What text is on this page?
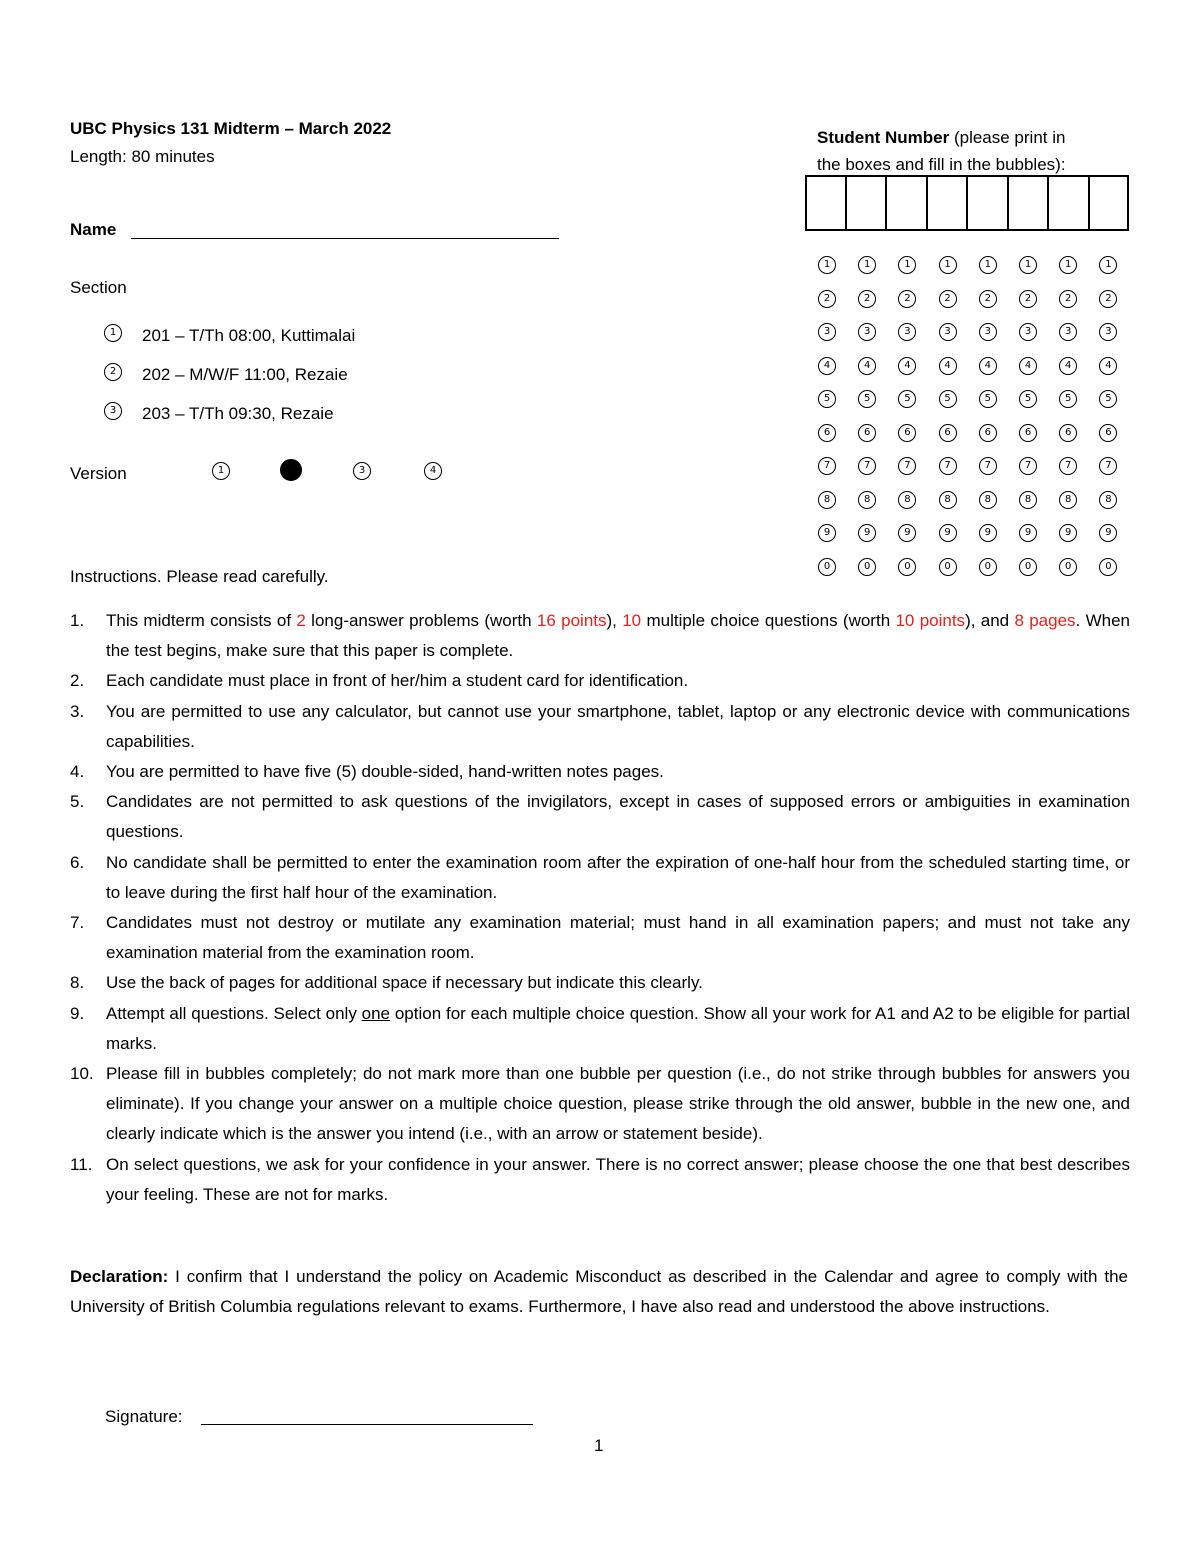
UBC Physics 131 Midterm – March 2022
Length: 80 minutes
Name
Section
1	201 – T/Th 08:00, Kuttimalai
2	202 – M/W/F 11:00, Rezaie
3	203 – T/Th 09:30, Rezaie
Version	1	3	4
Student Number (please print in
the boxes and fill in the bubbles):
1	1	1	1	1	1	1	1
2	2	2	2	2	2	2	2
3	3	3	3	3	3	3	3
4	4	4	4	4	4	4	4
5	5	5	5	5	5	5	5
6	6	6	6	6	6	6	6
7	7	7	7	7	7	7	7
8	8	8	8	8	8	8	8
9	9	9	9	9	9	9	9
0	0	0	0	0	0	0	0
Instructions. Please read carefully.
1. This midterm consists of 2 long-answer problems (worth 16 points), 10 multiple choice questions (worth 10 points), and 8 pages. When the test begins, make sure that this paper is complete.
2. Each candidate must place in front of her/him a student card for identification.
3. You are permitted to use any calculator, but cannot use your smartphone, tablet, laptop or any electronic device with communications capabilities.
4. You are permitted to have five (5) double-sided, hand-written notes pages.
5. Candidates are not permitted to ask questions of the invigilators, except in cases of supposed errors or ambiguities in examination questions.
6. No candidate shall be permitted to enter the examination room after the expiration of one-half hour from the scheduled starting time, or to leave during the first half hour of the examination.
7. Candidates must not destroy or mutilate any examination material; must hand in all examination papers; and must not take any examination material from the examination room.
8. Use the back of pages for additional space if necessary but indicate this clearly.
9. Attempt all questions. Select only one option for each multiple choice question. Show all your work for A1 and A2 to be eligible for partial marks.
10. Please fill in bubbles completely; do not mark more than one bubble per question (i.e., do not strike through bubbles for answers you eliminate). If you change your answer on a multiple choice question, please strike through the old answer, bubble in the new one, and clearly indicate which is the answer you intend (i.e., with an arrow or statement beside).
11. On select questions, we ask for your confidence in your answer. There is no correct answer; please choose the one that best describes your feeling. These are not for marks.
Declaration: I confirm that I understand the policy on Academic Misconduct as described in the Calendar and agree to comply with the University of British Columbia regulations relevant to exams. Furthermore, I have also read and understood the above instructions.
Signature:
1
